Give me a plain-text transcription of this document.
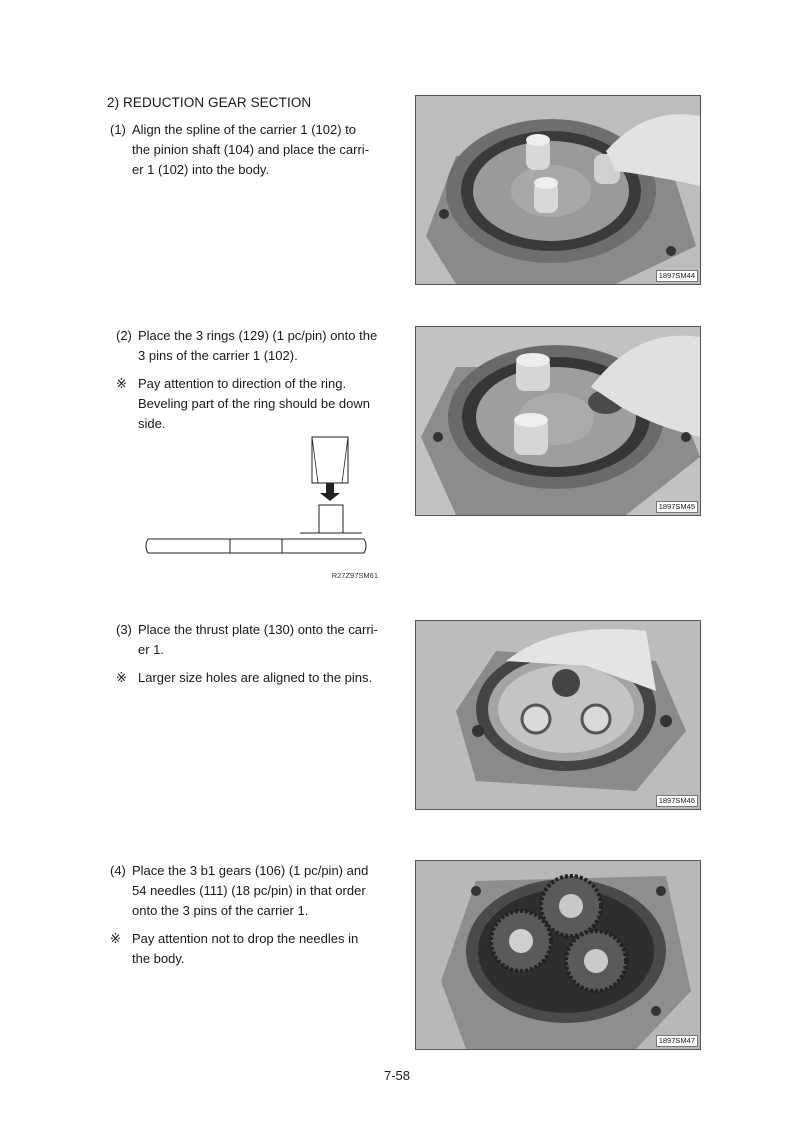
2) REDUCTION GEAR SECTION
(1) Align the spline of the carrier 1 (102) to
the pinion shaft (104) and place the carri-
er 1 (102) into the body.
1897SM44
(2) Place the 3 rings (129) (1 pc/pin) onto the
3 pins of the carrier 1 (102).
※ Pay attention to direction of the ring.
Beveling part of the ring should be down
side.
R27Z97SM61
1897SM45
(3) Place the thrust plate (130) onto the carri-
er 1.
※ Larger size holes are aligned to the pins.
1897SM46
(4) Place the 3 b1 gears (106) (1 pc/pin) and
54 needles (111) (18 pc/pin) in that order
onto the 3 pins of the carrier 1.
※ Pay attention not to drop the needles in
the body.
1897SM47
7-58
